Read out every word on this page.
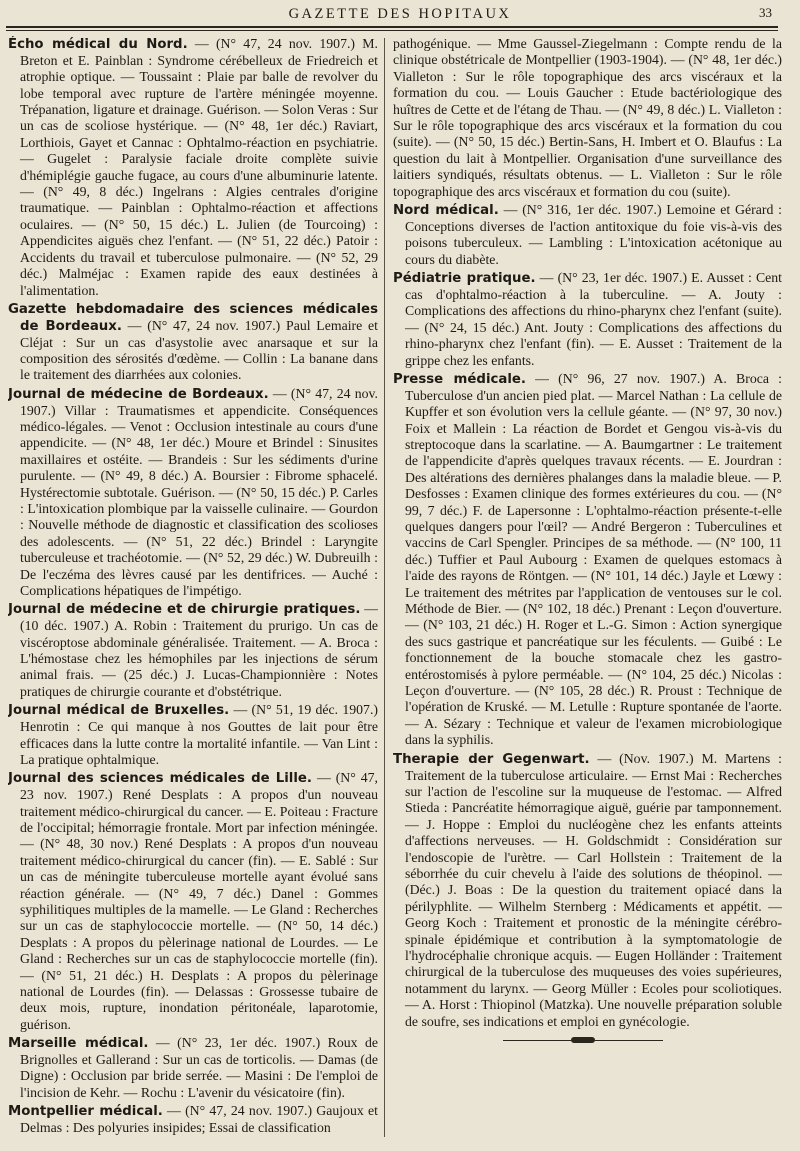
GAZETTE DES HOPITAUX	33

Écho médical du Nord. — (N° 47, 24 nov. 1907.) M. Breton et E. Painblan : Syndrome cérébelleux de Friedreich et atrophie optique. — Toussaint : Plaie par balle de revolver du lobe temporal avec rupture de l'artère méningée moyenne. Trépanation, ligature et drainage. Guérison. — Solon Veras : Sur un cas de scoliose hystérique. — (N° 48, 1er déc.) Raviart, Lorthiois, Gayet et Cannac : Ophtalmo-réaction en psychiatrie. — Gugelet : Paralysie faciale droite complète suivie d'hémiplégie gauche fugace, au cours d'une albuminurie latente. — (N° 49, 8 déc.) Ingelrans : Algies centrales d'origine traumatique. — Painblan : Ophtalmo-réaction et affections oculaires. — (N° 50, 15 déc.) L. Julien (de Tourcoing) : Appendicites aiguës chez l'enfant. — (N° 51, 22 déc.) Patoir : Accidents du travail et tuberculose pulmonaire. — (N° 52, 29 déc.) Malméjac : Examen rapide des eaux destinées à l'alimentation.

Gazette hebdomadaire des sciences médicales de Bordeaux. — (N° 47, 24 nov. 1907.) Paul Lemaire et Cléjat : Sur un cas d'asystolie avec anarsaque et sur la composition des sérosités d'œdème. — Collin : La banane dans le traitement des diarrhées aux colonies.

Journal de médecine de Bordeaux. — (N° 47, 24 nov. 1907.) Villar : Traumatismes et appendicite. Conséquences médico-légales. — Venot : Occlusion intestinale au cours d'une appendicite. — (N° 48, 1er déc.) Moure et Brindel : Sinusites maxillaires et ostéite. — Brandeis : Sur les sédiments d'urine purulente. — (N° 49, 8 déc.) A. Boursier : Fibrome sphacelé. Hystérectomie subtotale. Guérison. — (N° 50, 15 déc.) P. Carles : L'intoxication plombique par la vaisselle culinaire. — Gourdon : Nouvelle méthode de diagnostic et classification des scolioses des adolescents. — (N° 51, 22 déc.) Brindel : Laryngite tuberculeuse et trachéotomie. — (N° 52, 29 déc.) W. Dubreuilh : De l'eczéma des lèvres causé par les dentifrices. — Auché : Complications hépatiques de l'impétigo.

Journal de médecine et de chirurgie pratiques. — (10 déc. 1907.) A. Robin : Traitement du prurigo. Un cas de viscéroptose abdominale généralisée. Traitement. — A. Broca : L'hémostase chez les hémophiles par les injections de sérum animal frais. — (25 déc.) J. Lucas-Championnière : Notes pratiques de chirurgie courante et d'obstétrique.

Journal médical de Bruxelles. — (N° 51, 19 déc. 1907.) Henrotin : Ce qui manque à nos Gouttes de lait pour être efficaces dans la lutte contre la mortalité infantile. — Van Lint : La pratique ophtalmique.

Journal des sciences médicales de Lille. — (N° 47, 23 nov. 1907.) René Desplats : A propos d'un nouveau traitement médico-chirurgical du cancer. — E. Poiteau : Fracture de l'occipital; hémorragie frontale. Mort par infection méningée. — (N° 48, 30 nov.) René Desplats : A propos d'un nouveau traitement médico-chirurgical du cancer (fin). — E. Sablé : Sur un cas de méningite tuberculeuse mortelle ayant évolué sans réaction générale. — (N° 49, 7 déc.) Danel : Gommes syphilitiques multiples de la mamelle. — Le Gland : Recherches sur un cas de staphylococcie mortelle. — (N° 50, 14 déc.) Desplats : A propos du pèlerinage national de Lourdes. — Le Gland : Recherches sur un cas de staphylococcie mortelle (fin). — (N° 51, 21 déc.) H. Desplats : A propos du pèlerinage national de Lourdes (fin). — Delassas : Grossesse tubaire de deux mois, rupture, inondation péritonéale, laparotomie, guérison.

Marseille médical. — (N° 23, 1er déc. 1907.) Roux de Brignolles et Gallerand : Sur un cas de torticolis. — Damas (de Digne) : Occlusion par bride serrée. — Masini : De l'emploi de l'incision de Kehr. — Rochu : L'avenir du vésicatoire (fin).

Montpellier médical. — (N° 47, 24 nov. 1907.) Gaujoux et Delmas : Des polyuries insipides; Essai de classification

pathogénique. — Mme Gaussel-Ziegelmann : Compte rendu de la clinique obstétricale de Montpellier (1903-1904). — (N° 48, 1er déc.) Vialleton : Sur le rôle topographique des arcs viscéraux et la formation du cou. — Louis Gaucher : Etude bactériologique des huîtres de Cette et de l'étang de Thau. — (N° 49, 8 déc.) L. Vialleton : Sur le rôle topographique des arcs viscéraux et la formation du cou (suite). — (N° 50, 15 déc.) Bertin-Sans, H. Imbert et O. Blaufus : La question du lait à Montpellier. Organisation d'une surveillance des laitiers syndiqués, résultats obtenus. — L. Vialleton : Sur le rôle topographique des arcs viscéraux et formation du cou (suite).

Nord médical. — (N° 316, 1er déc. 1907.) Lemoine et Gérard : Conceptions diverses de l'action antitoxique du foie vis-à-vis des poisons tuberculeux. — Lambling : L'intoxication acétonique au cours du diabète.

Pédiatrie pratique. — (N° 23, 1er déc. 1907.) E. Ausset : Cent cas d'ophtalmo-réaction à la tuberculine. — A. Jouty : Complications des affections du rhino-pharynx chez l'enfant (suite). — (N° 24, 15 déc.) Ant. Jouty : Complications des affections du rhino-pharynx chez l'enfant (fin). — E. Ausset : Traitement de la grippe chez les enfants.

Presse médicale. — (N° 96, 27 nov. 1907.) A. Broca : Tuberculose d'un ancien pied plat. — Marcel Nathan : La cellule de Kupffer et son évolution vers la cellule géante. — (N° 97, 30 nov.) Foix et Mallein : La réaction de Bordet et Gengou vis-à-vis du streptocoque dans la scarlatine. — A. Baumgartner : Le traitement de l'appendicite d'après quelques travaux récents. — E. Jourdran : Des altérations des dernières phalanges dans la maladie bleue. — P. Desfosses : Examen clinique des formes extérieures du cou. — (N° 99, 7 déc.) F. de Lapersonne : L'ophtalmo-réaction présente-t-elle quelques dangers pour l'œil? — André Bergeron : Tuberculines et vaccins de Carl Spengler. Principes de sa méthode. — (N° 100, 11 déc.) Tuffier et Paul Aubourg : Examen de quelques estomacs à l'aide des rayons de Röntgen. — (N° 101, 14 déc.) Jayle et Lœwy : Le traitement des métrites par l'application de ventouses sur le col. Méthode de Bier. — (N° 102, 18 déc.) Prenant : Leçon d'ouverture. — (N° 103, 21 déc.) H. Roger et L.-G. Simon : Action synergique des sucs gastrique et pancréatique sur les féculents. — Guibé : Le fonctionnement de la bouche stomacale chez les gastro-entérostomisés à pylore perméable. — (N° 104, 25 déc.) Nicolas : Leçon d'ouverture. — (N° 105, 28 déc.) R. Proust : Technique de l'opération de Kruské. — M. Letulle : Rupture spontanée de l'aorte. — A. Sézary : Technique et valeur de l'examen microbiologique dans la syphilis.

Therapie der Gegenwart. — (Nov. 1907.) M. Martens : Traitement de la tuberculose articulaire. — Ernst Mai : Recherches sur l'action de l'escoline sur la muqueuse de l'estomac. — Alfred Stieda : Pancréatite hémorragique aiguë, guérie par tamponnement. — J. Hoppe : Emploi du nucléogène chez les enfants atteints d'affections nerveuses. — H. Goldschmidt : Considération sur l'endoscopie de l'urètre. — Carl Hollstein : Traitement de la séborrhée du cuir chevelu à l'aide des solutions de théopinol. — (Déc.) J. Boas : De la question du traitement opiacé dans la périlyphlite. — Wilhelm Sternberg : Médicaments et appétit. — Georg Koch : Traitement et pronostic de la méningite cérébro-spinale épidémique et contribution à la symptomatologie de l'hydrocéphalie chronique acquis. — Eugen Holländer : Traitement chirurgical de la tuberculose des muqueuses des voies supérieures, notamment du larynx. — Georg Müller : Ecoles pour scoliotiques. — A. Horst : Thiopinol (Matzka). Une nouvelle préparation soluble de soufre, ses indications et emploi en gynécologie.
